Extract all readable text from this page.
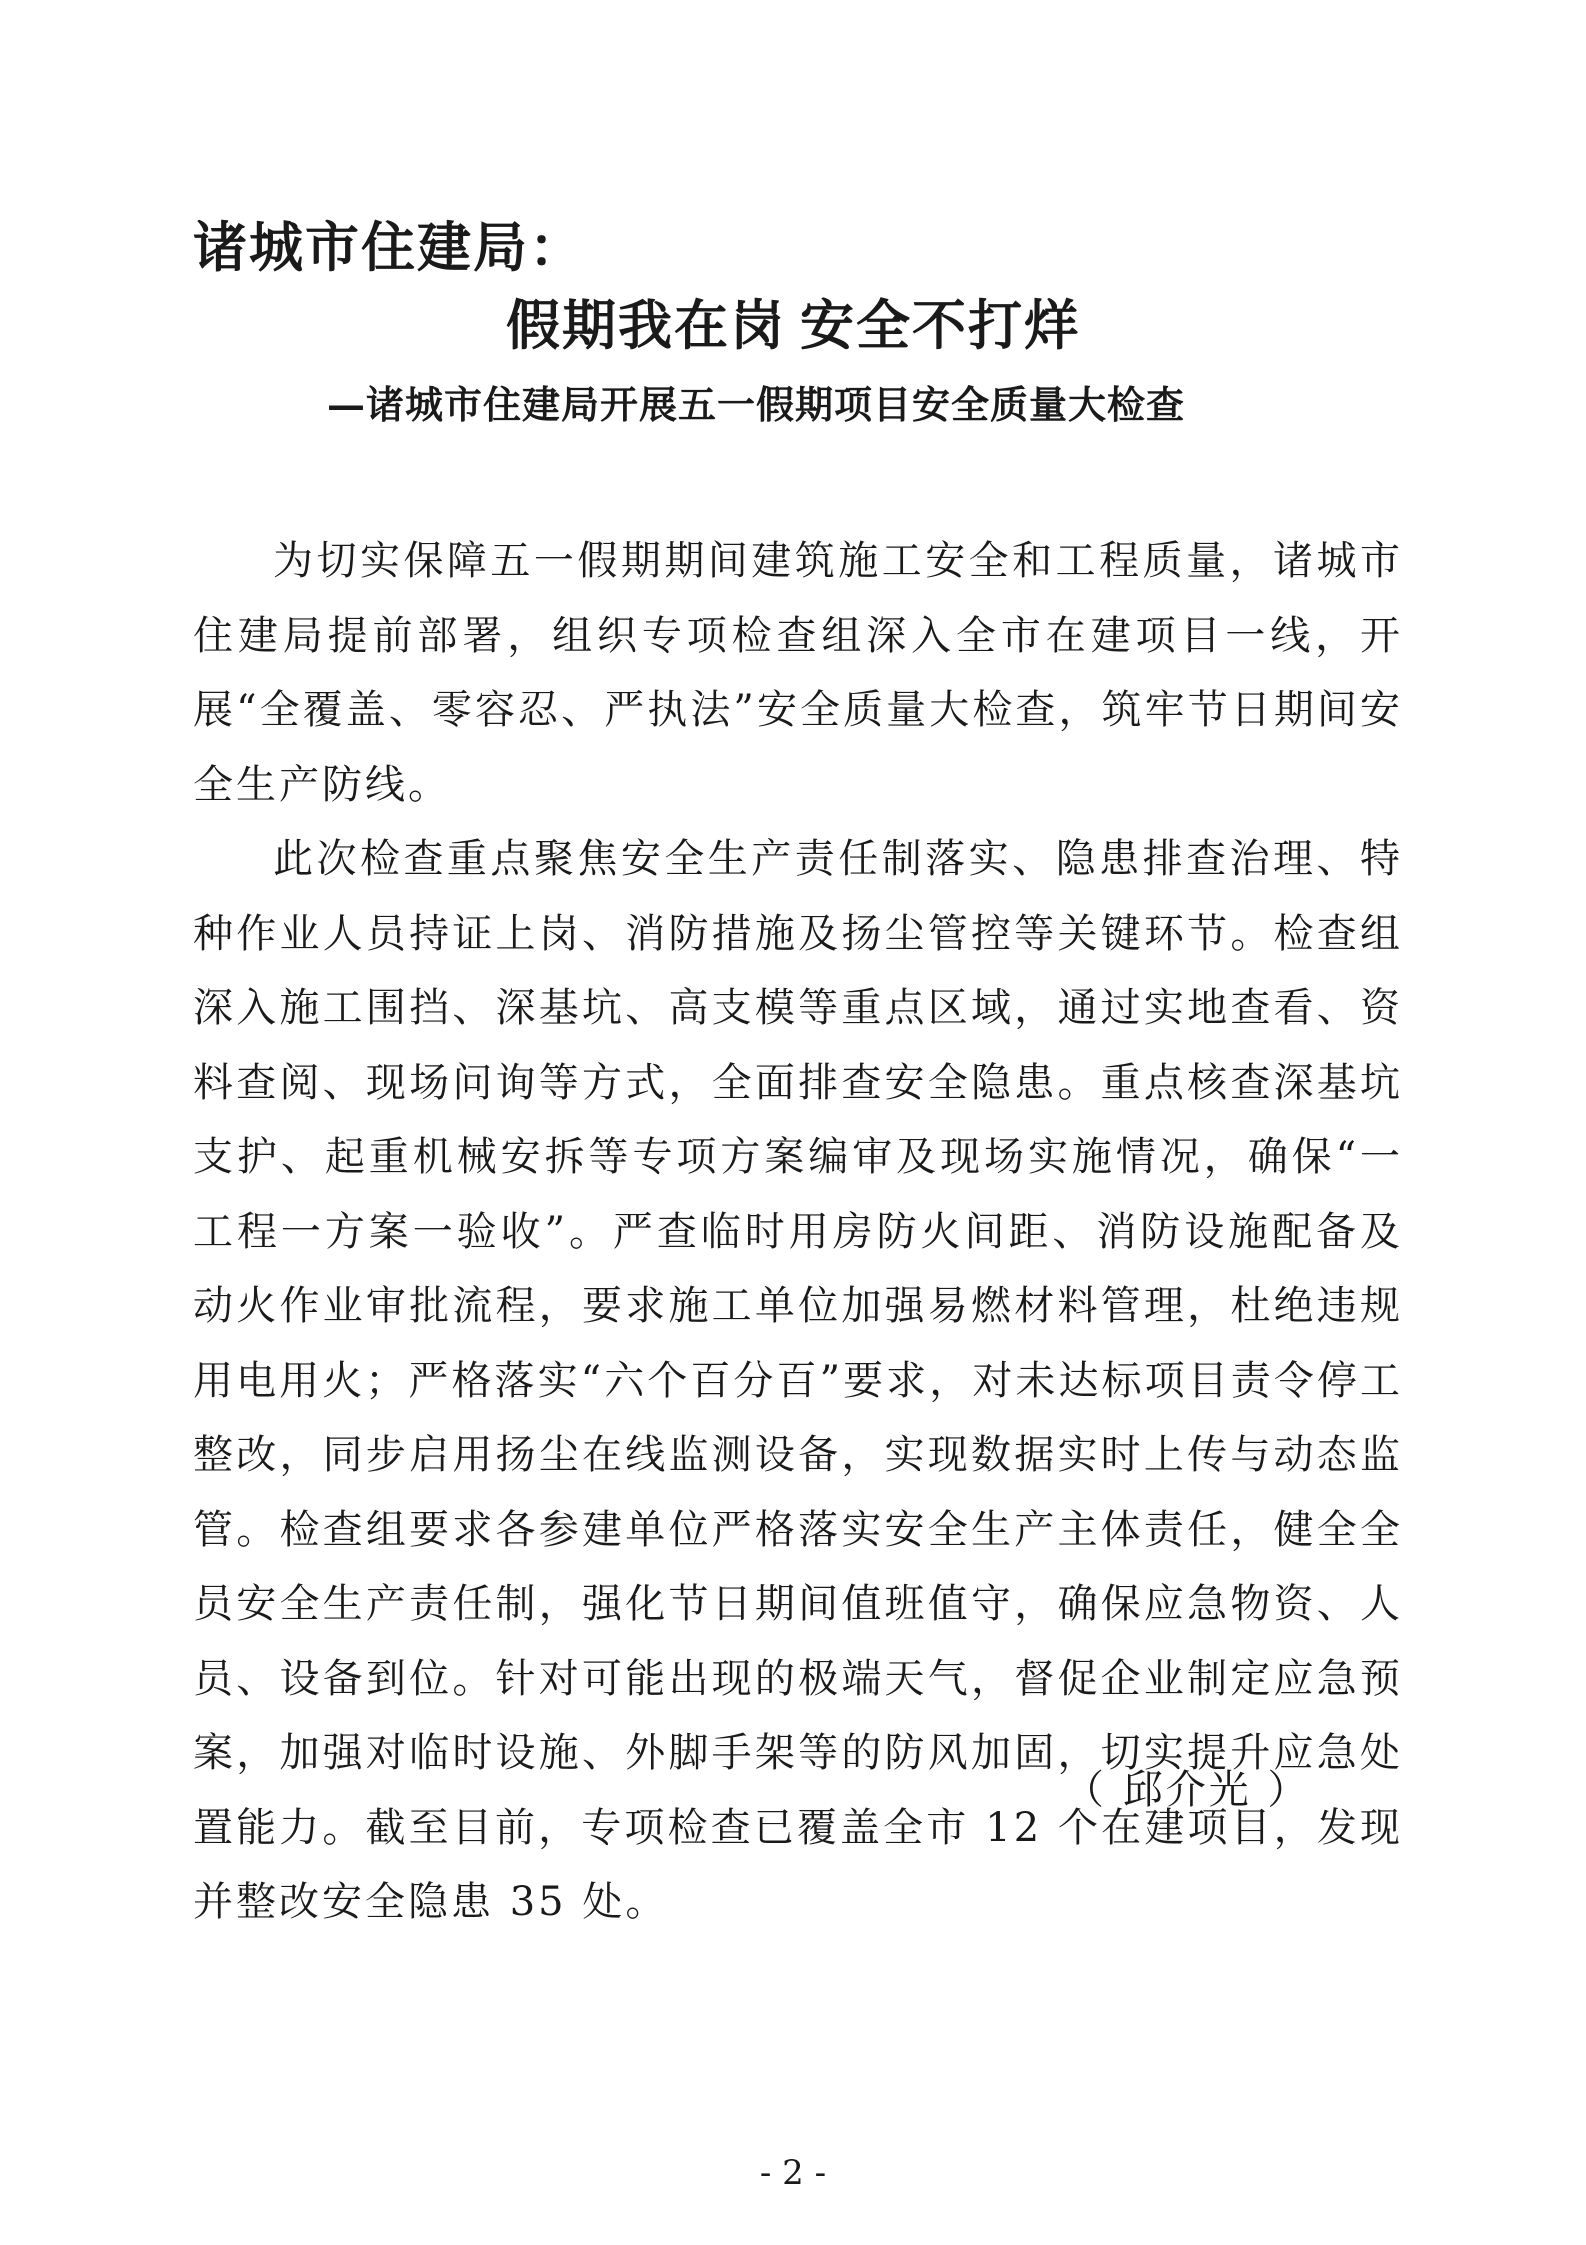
诸城市住建局：
假期我在岗 安全不打烊
—诸城市住建局开展五一假期项目安全质量大检查

为切实保障五一假期期间建筑施工安全和工程质量，诸城市住建局提前部署，组织专项检查组深入全市在建项目一线，开展“全覆盖、零容忍、严执法”安全质量大检查，筑牢节日期间安全生产防线。

此次检查重点聚焦安全生产责任制落实、隐患排查治理、特种作业人员持证上岗、消防措施及扬尘管控等关键环节。检查组深入施工围挡、深基坑、高支模等重点区域，通过实地查看、资料查阅、现场问询等方式，全面排查安全隐患。重点核查深基坑支护、起重机械安拆等专项方案编审及现场实施情况，确保“一工程一方案一验收”。严查临时用房防火间距、消防设施配备及动火作业审批流程，要求施工单位加强易燃材料管理，杜绝违规用电用火；严格落实“六个百分百”要求，对未达标项目责令停工整改，同步启用扬尘在线监测设备，实现数据实时上传与动态监管。检查组要求各参建单位严格落实安全生产主体责任，健全全员安全生产责任制，强化节日期间值班值守，确保应急物资、人员、设备到位。针对可能出现的极端天气，督促企业制定应急预案，加强对临时设施、外脚手架等的防风加固，切实提升应急处置能力。截至目前，专项检查已覆盖全市 12 个在建项目，发现并整改安全隐患 35 处。

（ 邱介光 ）
- 2 -
